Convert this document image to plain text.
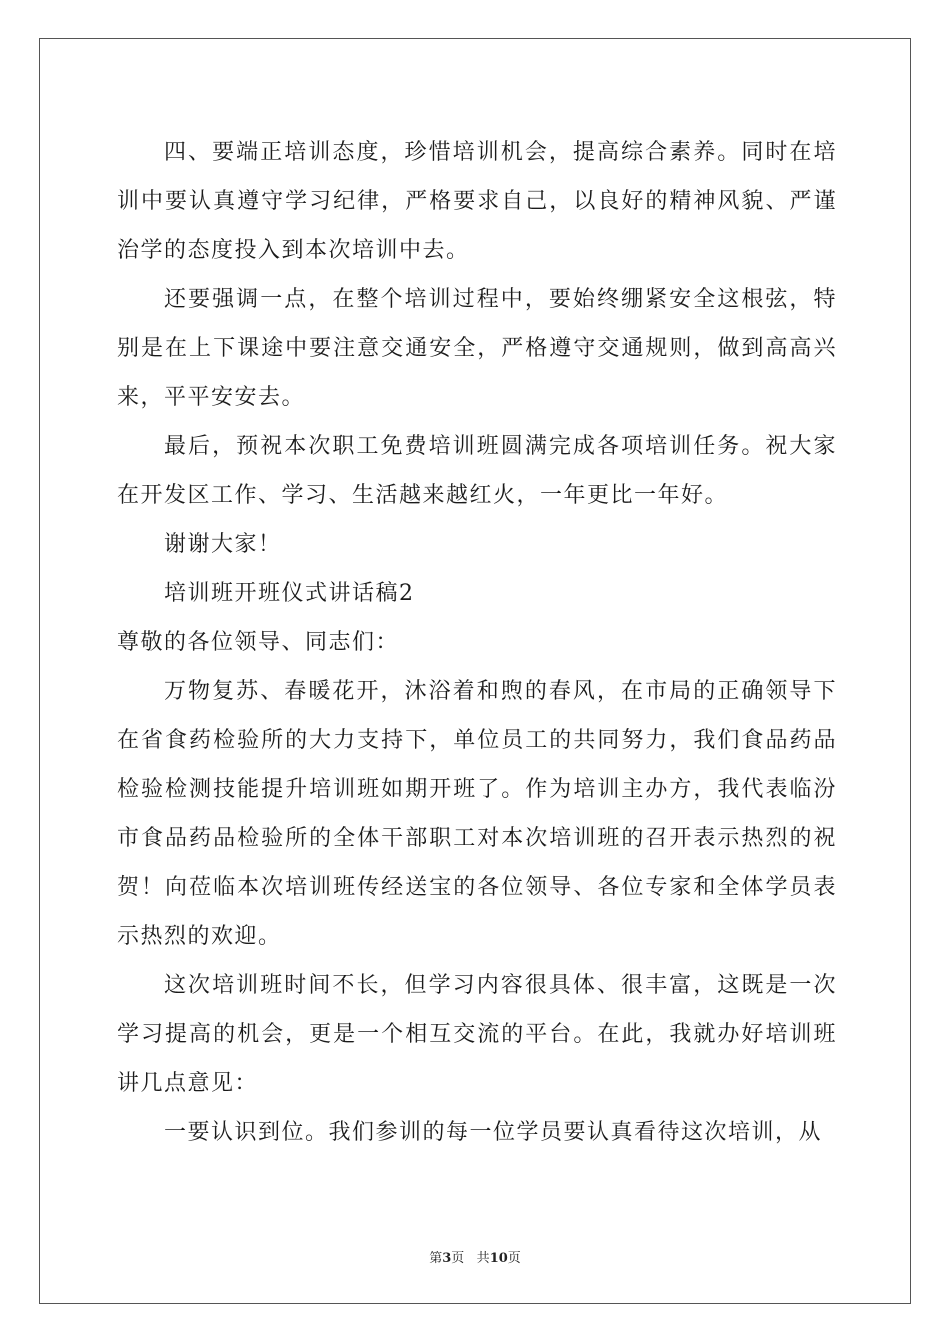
四、要端正培训态度，珍惜培训机会，提高综合素养。同时在培训中要认真遵守学习纪律，严格要求自己，以良好的精神风貌、严谨治学的态度投入到本次培训中去。

还要强调一点，在整个培训过程中，要始终绷紧安全这根弦，特别是在上下课途中要注意交通安全，严格遵守交通规则，做到高高兴来，平平安安去。

最后，预祝本次职工免费培训班圆满完成各项培训任务。祝大家在开发区工作、学习、生活越来越红火，一年更比一年好。

谢谢大家！

培训班开班仪式讲话稿2

尊敬的各位领导、同志们：

万物复苏、春暖花开，沐浴着和煦的春风，在市局的正确领导下在省食药检验所的大力支持下，单位员工的共同努力，我们食品药品检验检测技能提升培训班如期开班了。作为培训主办方，我代表临汾市食品药品检验所的全体干部职工对本次培训班的召开表示热烈的祝贺！向莅临本次培训班传经送宝的各位领导、各位专家和全体学员表示热烈的欢迎。

这次培训班时间不长，但学习内容很具体、很丰富，这既是一次学习提高的机会，更是一个相互交流的平台。在此，我就办好培训班讲几点意见：

一要认识到位。我们参训的每一位学员要认真看待这次培训，从

第3页 共10页
